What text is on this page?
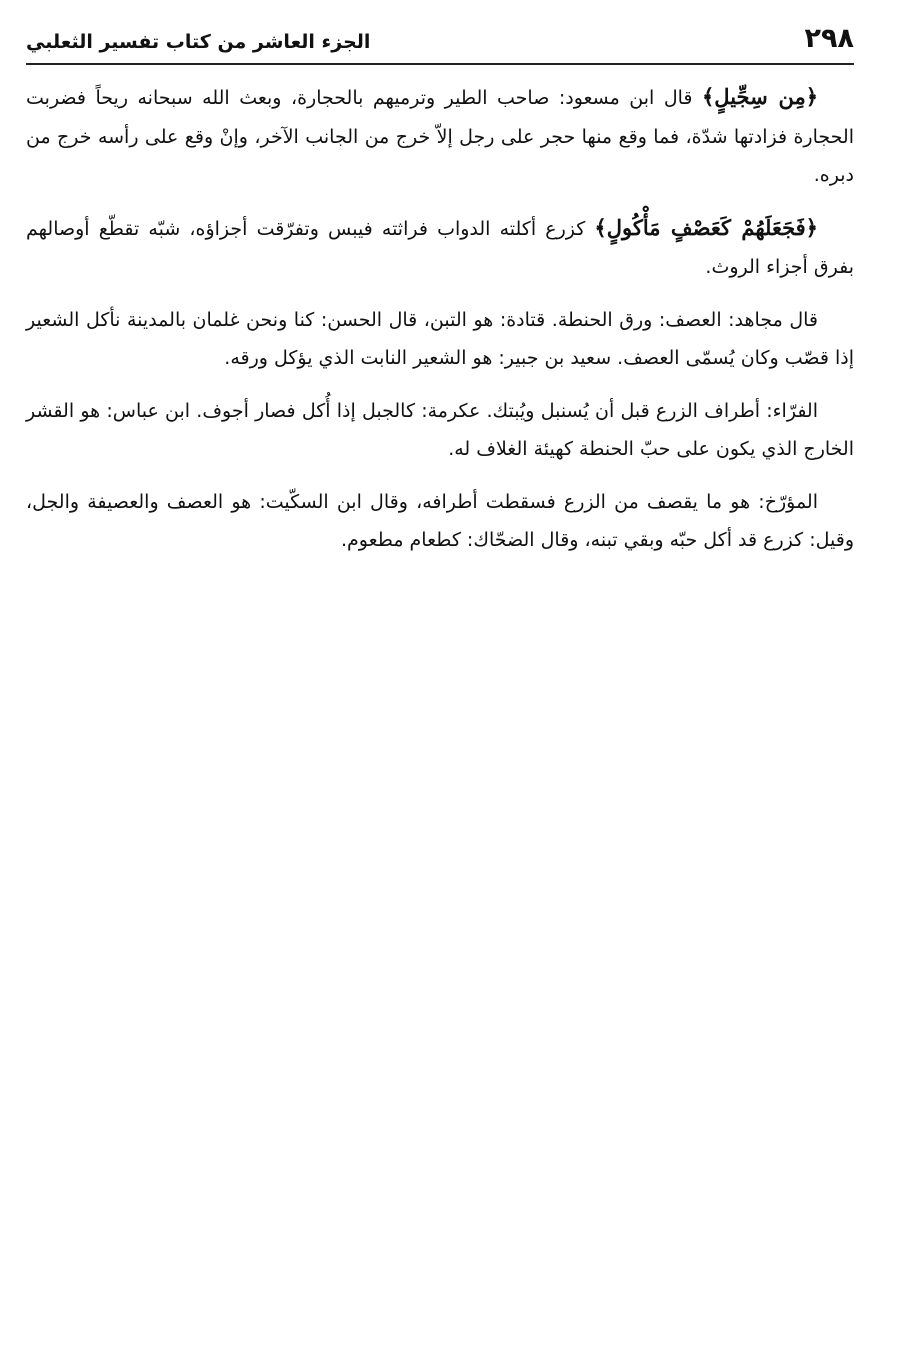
٢٩٨
الجزء العاشر من كتاب تفسير الثعلبي

﴿مِن سِجِّيلٍ﴾ قال ابن مسعود: صاحب الطير وترميهم بالحجارة، وبعث الله سبحانه ريحاً فضربت الحجارة فزادتها شدّة، فما وقع منها حجر على رجل إلاّ خرج من الجانب الآخر، وإنْ وقع على رأسه خرج من دبره.

﴿فَجَعَلَهُمْ كَعَصْفٍ مَأْكُولٍ﴾ كزرع أكلته الدواب فراثته فيبس وتفرّقت أجزاؤه، شبّه تقطّع أوصالهم بفرق أجزاء الروث.

قال مجاهد: العصف: ورق الحنطة. قتادة: هو التبن، قال الحسن: كنا ونحن غلمان بالمدينة نأكل الشعير إذا قصّب وكان يُسمّى العصف. سعيد بن جبير: هو الشعير النابت الذي يؤكل ورقه.

الفرّاء: أطراف الزرع قبل أن يُسنبل ويُبتك. عكرمة: كالجبل إذا أُكل فصار أجوف. ابن عباس: هو القشر الخارج الذي يكون على حبّ الحنطة كهيئة الغلاف له.

المؤرّخ: هو ما يقصف من الزرع فسقطت أطرافه، وقال ابن السكّيت: هو العصف والعصيفة والجل، وقيل: كزرع قد أكل حبّه وبقي تبنه، وقال الضحّاك: كطعام مطعوم.
